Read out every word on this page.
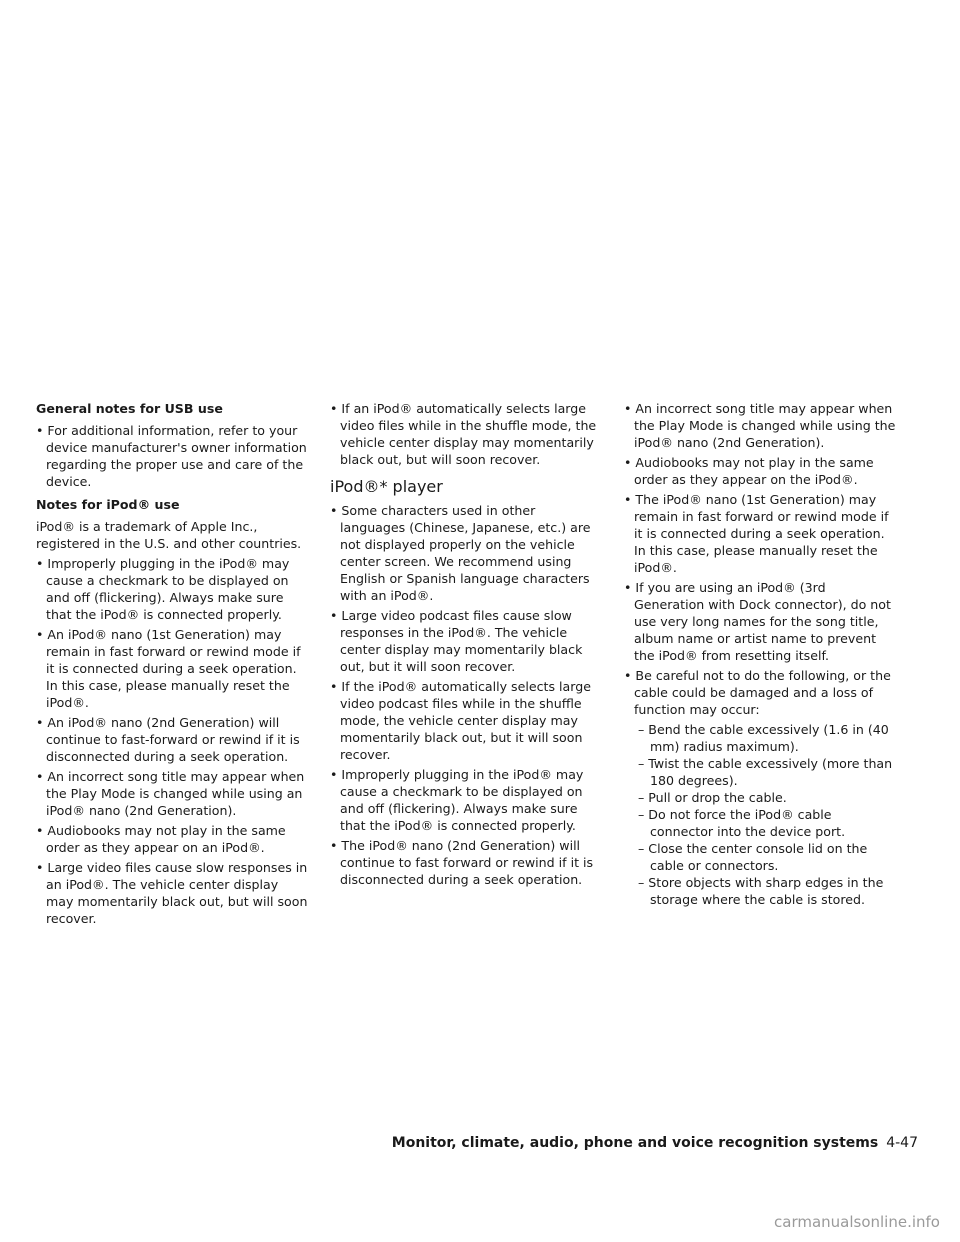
General notes for USB use

• For additional information, refer to your device manufacturer's owner information regarding the proper use and care of the device.

Notes for iPod® use

iPod® is a trademark of Apple Inc., registered in the U.S. and other countries.

• Improperly plugging in the iPod® may cause a checkmark to be displayed on and off (flickering). Always make sure that the iPod® is connected properly.
• An iPod® nano (1st Generation) may remain in fast forward or rewind mode if it is connected during a seek operation. In this case, please manually reset the iPod®.
• An iPod® nano (2nd Generation) will continue to fast-forward or rewind if it is disconnected during a seek operation.
• An incorrect song title may appear when the Play Mode is changed while using an iPod® nano (2nd Generation).
• Audiobooks may not play in the same order as they appear on an iPod®.
• Large video files cause slow responses in an iPod®. The vehicle center display may momentarily black out, but will soon recover.
• If an iPod® automatically selects large video files while in the shuffle mode, the vehicle center display may momentarily black out, but will soon recover.
iPod®* player
• Some characters used in other languages (Chinese, Japanese, etc.) are not displayed properly on the vehicle center screen. We recommend using English or Spanish language characters with an iPod®.
• Large video podcast files cause slow responses in the iPod®. The vehicle center display may momentarily black out, but it will soon recover.
• If the iPod® automatically selects large video podcast files while in the shuffle mode, the vehicle center display may momentarily black out, but it will soon recover.
• Improperly plugging in the iPod® may cause a checkmark to be displayed on and off (flickering). Always make sure that the iPod® is connected properly.
• The iPod® nano (2nd Generation) will continue to fast forward or rewind if it is disconnected during a seek operation.
• An incorrect song title may appear when the Play Mode is changed while using the iPod® nano (2nd Generation).
• Audiobooks may not play in the same order as they appear on the iPod®.
• The iPod® nano (1st Generation) may remain in fast forward or rewind mode if it is connected during a seek operation. In this case, please manually reset the iPod®.
• If you are using an iPod® (3rd Generation with Dock connector), do not use very long names for the song title, album name or artist name to prevent the iPod® from resetting itself.
• Be careful not to do the following, or the cable could be damaged and a loss of function may occur:
– Bend the cable excessively (1.6 in (40 mm) radius maximum).
– Twist the cable excessively (more than 180 degrees).
– Pull or drop the cable.
– Do not force the iPod® cable connector into the device port.
– Close the center console lid on the cable or connectors.
– Store objects with sharp edges in the storage where the cable is stored.
Monitor, climate, audio, phone and voice recognition systems 4-47
carmanualsonline.info
